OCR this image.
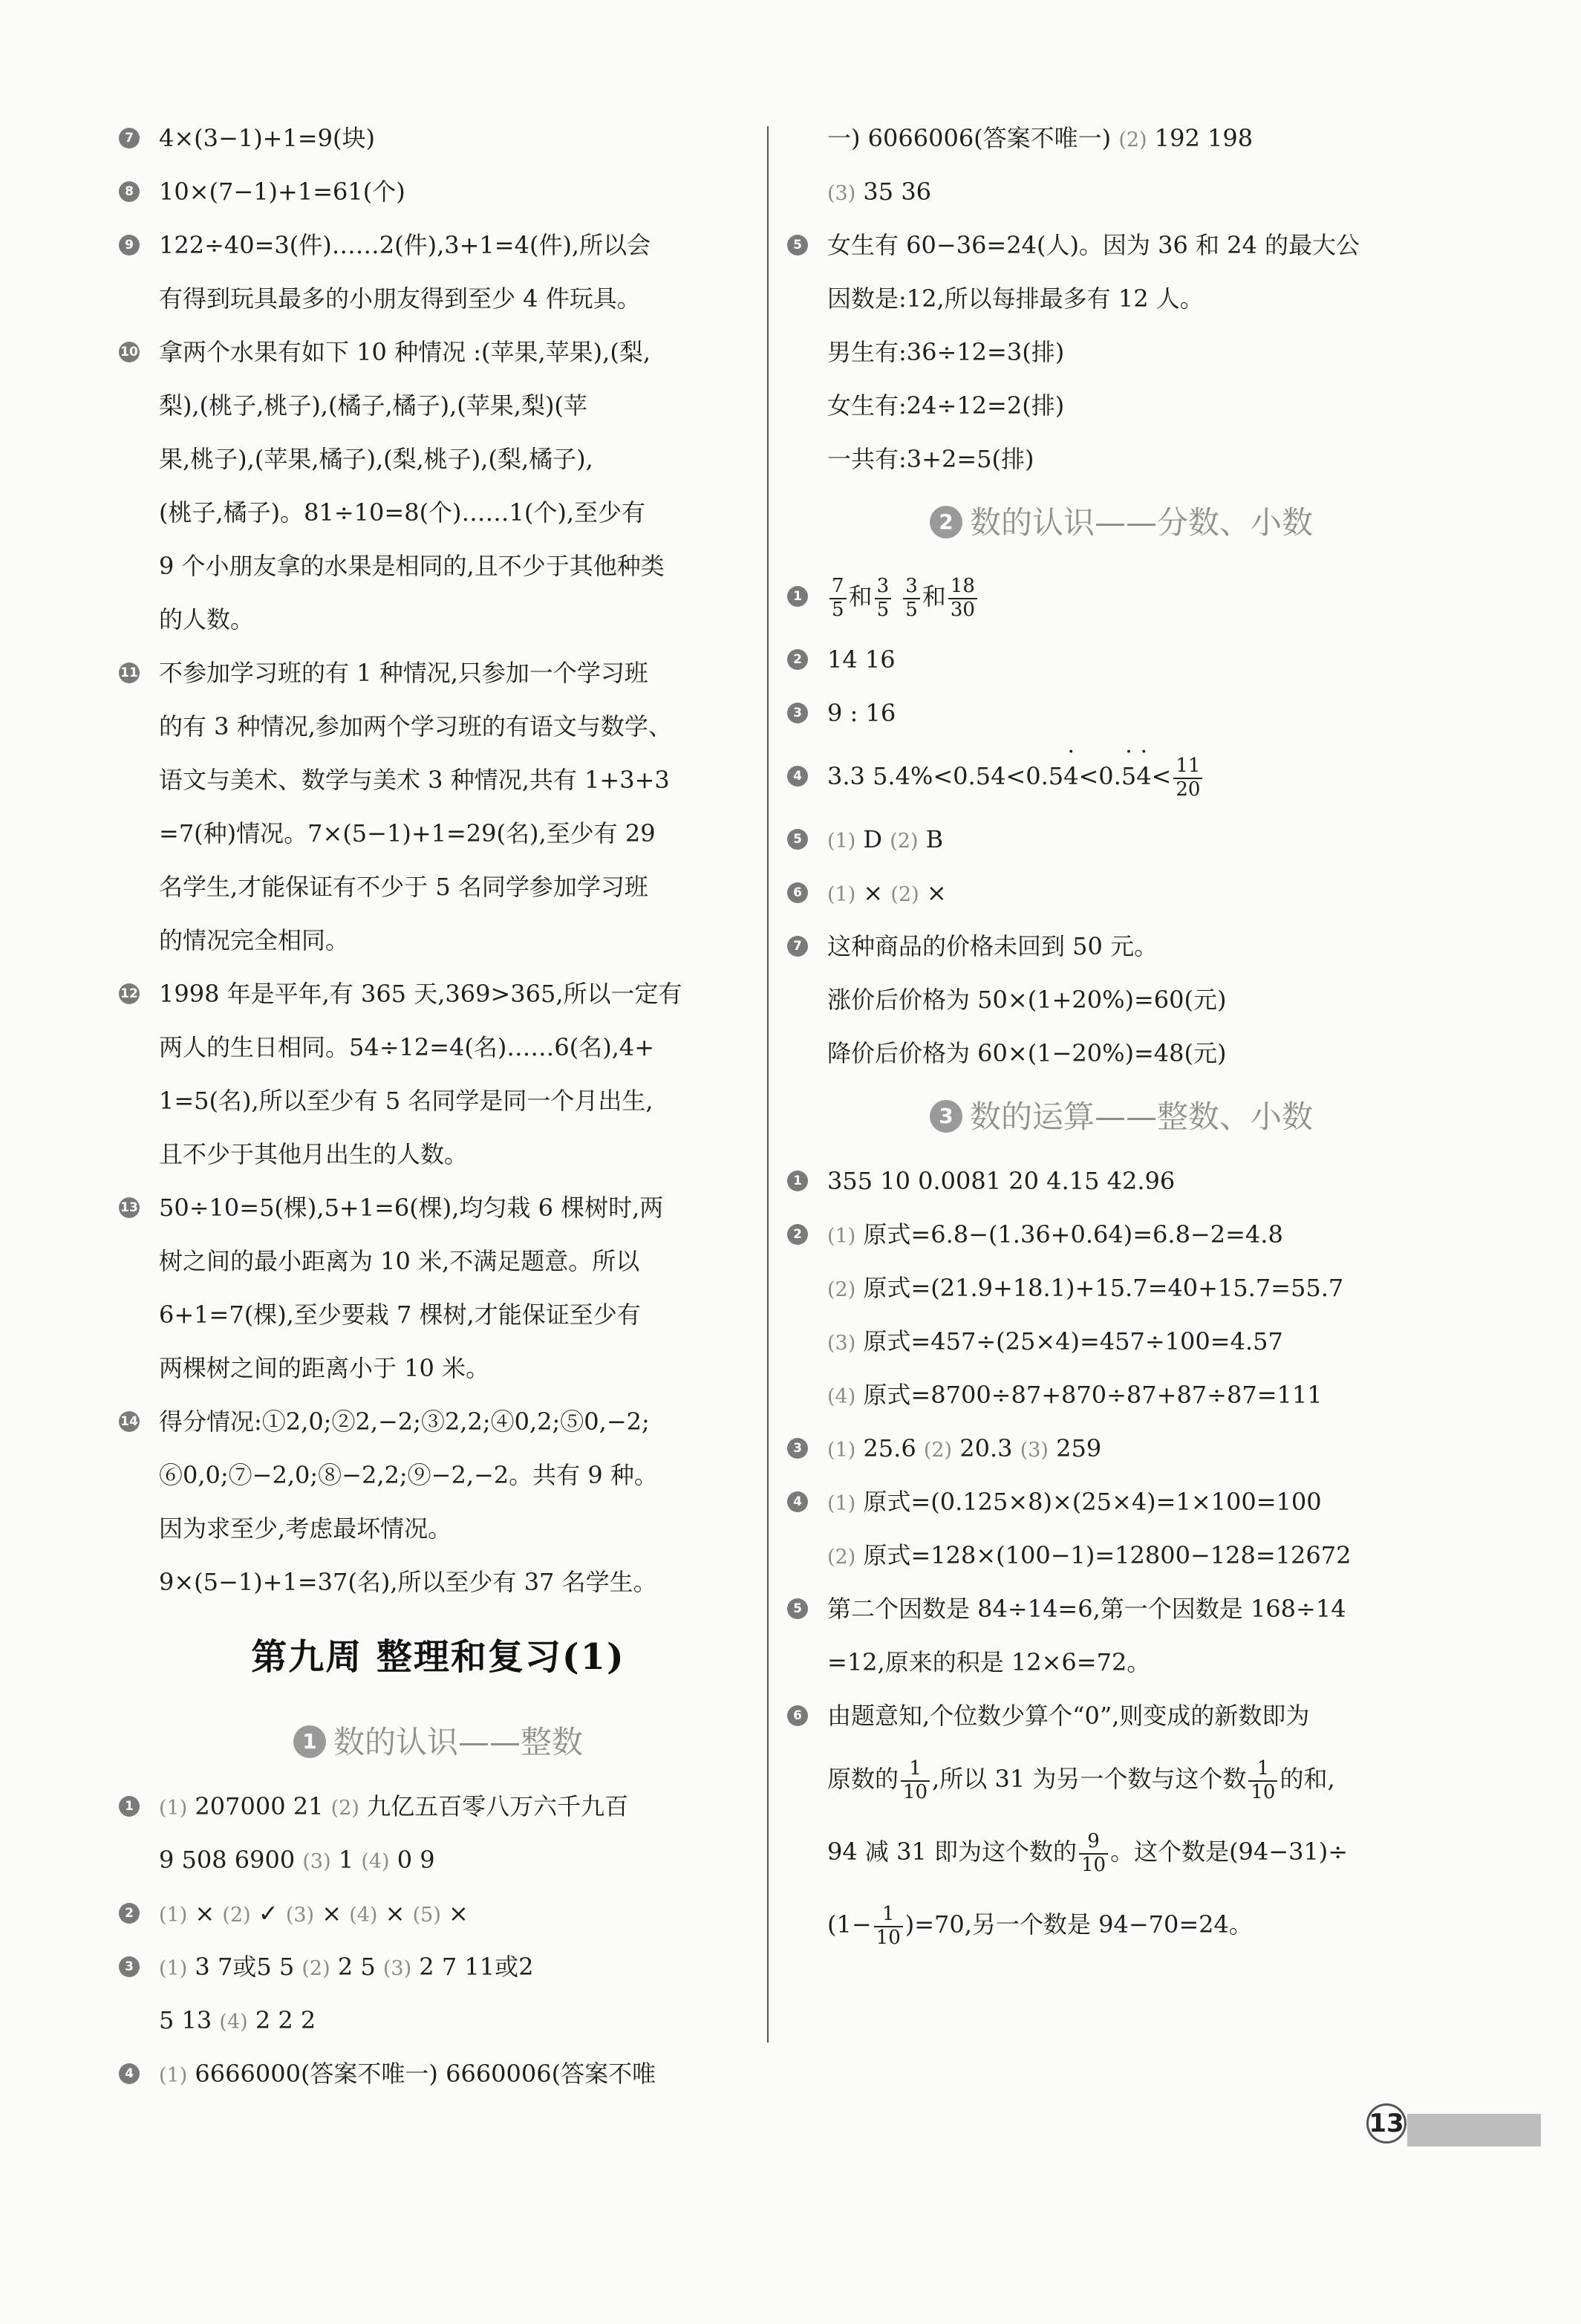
7 4×(3−1)+1=9(块)
8 10×(7−1)+1=61(个)
9 122÷40=3(件)……2(件),3+1=4(件),所以会
有得到玩具最多的小朋友得到至少 4 件玩具。
10 拿两个水果有如下 10 种情况 :(苹果,苹果),(梨,
梨),(桃子,桃子),(橘子,橘子),(苹果,梨)(苹
果,桃子),(苹果,橘子),(梨,桃子),(梨,橘子),
(桃子,橘子)。81÷10=8(个)……1(个),至少有
9 个小朋友拿的水果是相同的,且不少于其他种类
的人数。
11 不参加学习班的有 1 种情况,只参加一个学习班
的有 3 种情况,参加两个学习班的有语文与数学、
语文与美术、数学与美术 3 种情况,共有 1+3+3
=7(种)情况。7×(5−1)+1=29(名),至少有 29
名学生,才能保证有不少于 5 名同学参加学习班
的情况完全相同。
12 1998 年是平年,有 365 天,369>365,所以一定有
两人的生日相同。54÷12=4(名)……6(名),4+
1=5(名),所以至少有 5 名同学是同一个月出生,
且不少于其他月出生的人数。
13 50÷10=5(棵),5+1=6(棵),均匀栽 6 棵树时,两
树之间的最小距离为 10 米,不满足题意。所以
6+1=7(棵),至少要栽 7 棵树,才能保证至少有
两棵树之间的距离小于 10 米。
14 得分情况:①2,0;②2,−2;③2,2;④0,2;⑤0,−2;
⑥0,0;⑦−2,0;⑧−2,2;⑨−2,−2。共有 9 种。
因为求至少,考虑最坏情况。
9×(5−1)+1=37(名),所以至少有 37 名学生。
第九周 整理和复习(1)
1 数的认识——整数
1 (1) 207000 21 (2) 九亿五百零八万六千九百
9 508 6900 (3) 1 (4) 0 9
2 (1) × (2) ✓ (3) × (4) × (5) ×
3 (1) 3 7或5 5 (2) 2 5 (3) 2 7 11或2
5 13 (4) 2 2 2
4 (1) 6666000(答案不唯一) 6660006(答案不唯
一) 6066006(答案不唯一) (2) 192 198
(3) 35 36
5 女生有 60−36=24(人)。因为 36 和 24 的最大公
因数是:12,所以每排最多有 12 人。
男生有:36÷12=3(排)
女生有:24÷12=2(排)
一共有:3+2=5(排)
2 数的认识——分数、小数
1	$\frac{7}{5}$ 和 $\frac{3}{5}$
$\frac{3}{5}$ 和 $\frac{18}{30}$
2 14 16
3 9 : 16
4 3.3 $5.4\%<0.54<0.5\cdot 4<0.\cdot 5\cdot 4< \frac{11}{20}$
5 (1) D (2) B
6 (1) × (2) ×
7 这种商品的价格未回到 50 元。
涨价后价格为 50×(1+20%)=60(元)
降价后价格为 60×(1−20%)=48(元)
3 数的运算——整数、小数
1 355 10 0.0081 20 4.15 42.96
2 (1) 原式=6.8−(1.36+0.64)=6.8−2=4.8
(2) 原式=(21.9+18.1)+15.7=40+15.7=55.7
(3) 原式=457÷(25×4)=457÷100=4.57
(4) 原式=8700÷87+870÷87+87÷87=111
3 (1) 25.6 (2) 20.3 (3) 259
4 (1) 原式=(0.125×8)×(25×4)=1×100=100
(2) 原式=128×(100−1)=12800−128=12672
5 第二个因数是 84÷14=6,第一个因数是 168÷14
=12,原来的积是 12×6=72。
6 由题意知,个位数少算个“0”,则变成的新数即为
原数的 $\frac{1}{10}$ ,所以 31 为另一个数与这个数 $\frac{1}{10}$ 的和,
94 减 31 即为这个数的 $\frac{9}{10}$ 。这个数是(94−31)÷
$(1- \frac{1}{10} )=70$,另一个数是 94−70=24。
13
